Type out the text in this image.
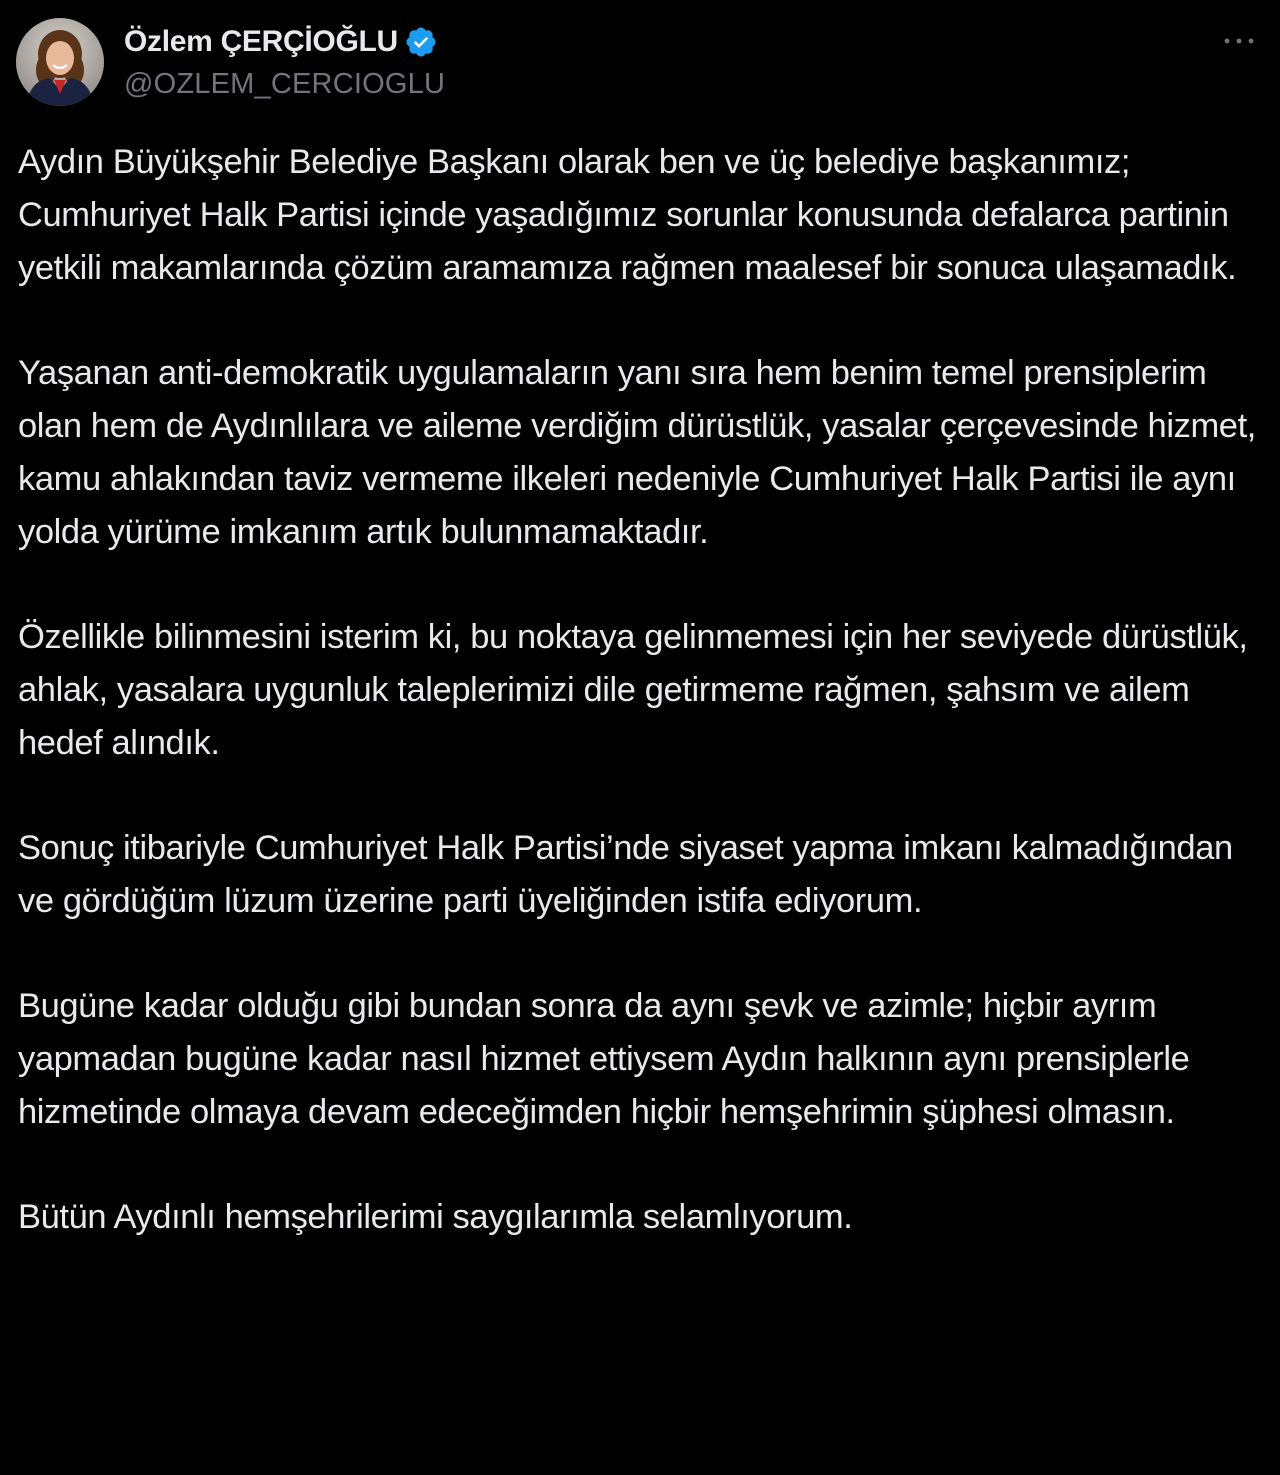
Özlem ÇERÇİOĞLU
@OZLEM_CERCIOGLU

Aydın Büyükşehir Belediye Başkanı olarak ben ve üç belediye başkanımız; Cumhuriyet Halk Partisi içinde yaşadığımız sorunlar konusunda defalarca partinin yetkili makamlarında çözüm aramamıza rağmen maalesef bir sonuca ulaşamadık.

Yaşanan anti-demokratik uygulamaların yanı sıra hem benim temel prensiplerim olan hem de Aydınlılara ve aileme verdiğim dürüstlük, yasalar çerçevesinde hizmet, kamu ahlakından taviz vermeme ilkeleri nedeniyle Cumhuriyet Halk Partisi ile aynı yolda yürüme imkanım artık bulunmamaktadır.

Özellikle bilinmesini isterim ki, bu noktaya gelinmemesi için her seviyede dürüstlük, ahlak, yasalara uygunluk taleplerimizi dile getirmeme rağmen, şahsım ve ailem hedef alındık.

Sonuç itibariyle Cumhuriyet Halk Partisi’nde siyaset yapma imkanı kalmadığından ve gördüğüm lüzum üzerine parti üyeliğinden istifa ediyorum.

Bugüne kadar olduğu gibi bundan sonra da aynı şevk ve azimle; hiçbir ayrım yapmadan bugüne kadar nasıl hizmet ettiysem Aydın halkının aynı prensiplerle hizmetinde olmaya devam edeceğimden hiçbir hemşehrimin şüphesi olmasın.

Bütün Aydınlı hemşehrilerimi saygılarımla selamlıyorum.
